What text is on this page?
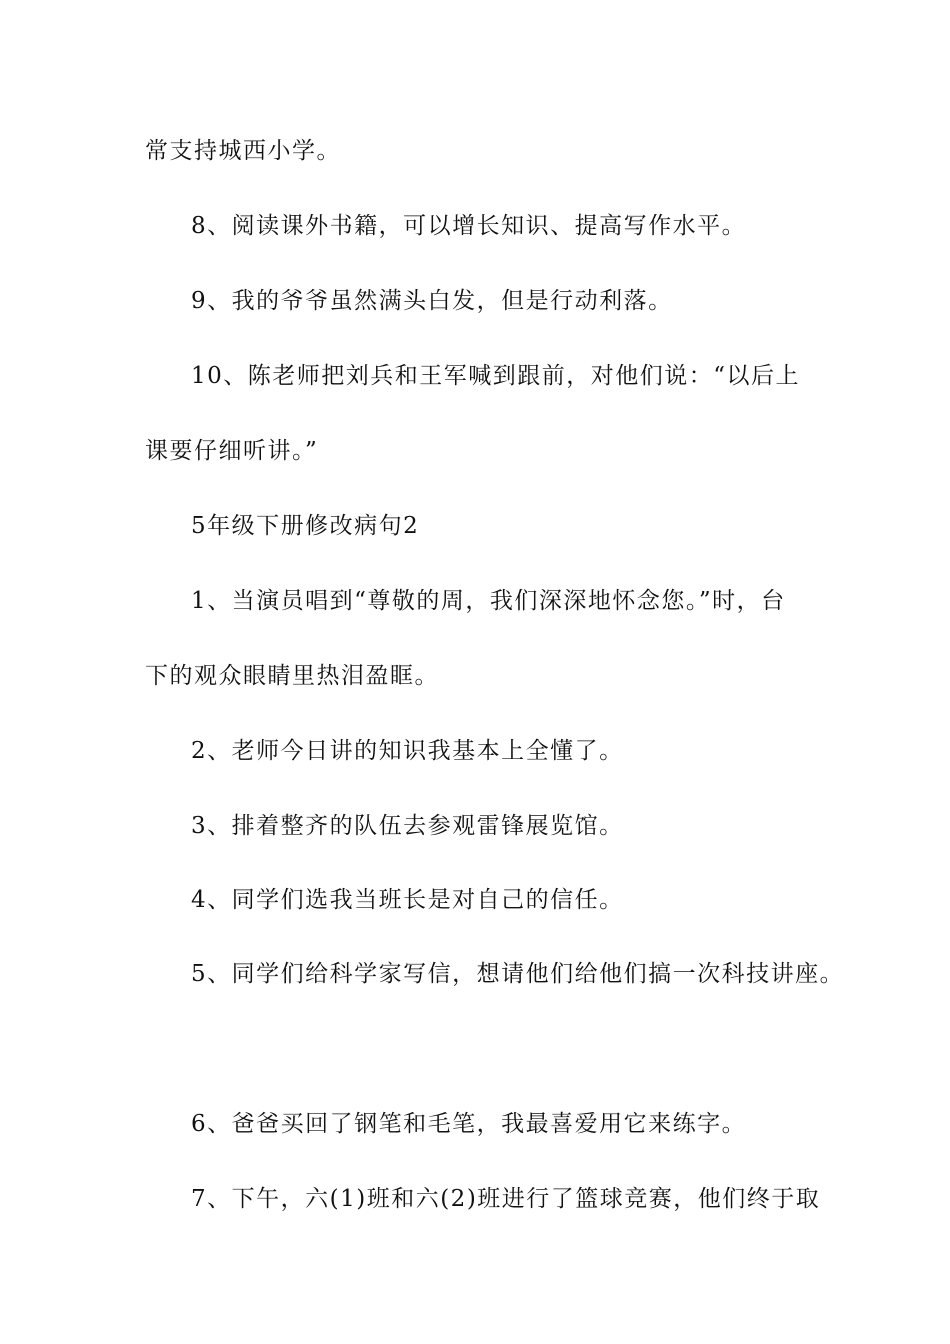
常支持城西小学。
8、阅读课外书籍，可以增长知识、提高写作水平。
9、我的爷爷虽然满头白发，但是行动利落。
10、陈老师把刘兵和王军喊到跟前，对他们说：“以后上
课要仔细听讲。”
5年级下册修改病句2
1、当演员唱到“尊敬的周，我们深深地怀念您。”时，台
下的观众眼睛里热泪盈眶。
2、老师今日讲的知识我基本上全懂了。
3、排着整齐的队伍去参观雷锋展览馆。
4、同学们选我当班长是对自己的信任。
5、同学们给科学家写信，想请他们给他们搞一次科技讲座。
6、爸爸买回了钢笔和毛笔，我最喜爱用它来练字。
7、下午，六(1)班和六(2)班进行了篮球竞赛，他们终于取
